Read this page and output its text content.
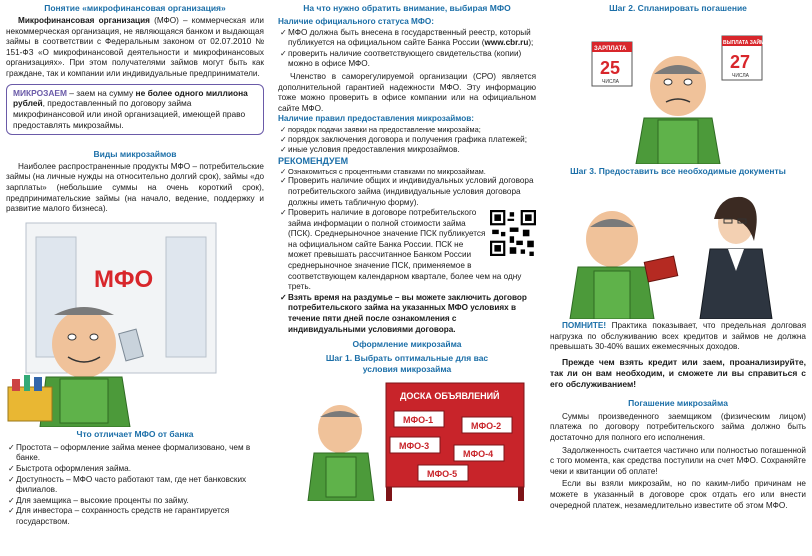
Понятие «микрофинансовая организация»
Микрофинансовая организация (МФО) – коммерческая или некоммерческая организация, не являющаяся банком и выдающая займы в соответствии с Федеральным законом от 02.07.2010 № 151-ФЗ «О микрофинансовой деятельности и микрофинансовых организациях». При этом получателями займов могут быть как граждане, так и компании или индивидуальные предприниматели.
МИКРОЗАЕМ – заем на сумму не более одного миллиона рублей, предоставленный по договору займа микрофинансовой или иной организацией, имеющей право предоставлять микрозаймы.
Виды микрозаймов
Наиболее распространенные продукты МФО – потребительские займы (на личные нужды на относительно долгий срок), займы «до зарплаты» (небольшие суммы на очень короткий срок), предпринимательские займы (на начало, ведение, поддержку и развитие малого бизнеса).
МФО
Что отличает МФО от банка
✓Простота – оформление займа менее формализовано, чем в банке.
✓Быстрота оформления займа.
✓Доступность – МФО часто работают там, где нет банковских филиалов.
✓Для заемщика – высокие проценты по займу.
✓Для инвестора – сохранность средств не гарантируется государством.
На что нужно обратить внимание, выбирая МФО
Наличие официального статуса МФО:
✓МФО должна быть внесена в государственный реестр, который публикуется на официальном сайте Банка России (www.cbr.ru);
✓проверить наличие соответствующего свидетельства (копии) можно в офисе МФО.
Членство в саморегулируемой организации (СРО) является дополнительной гарантией надежности МФО. Эту информацию тоже можно проверить в офисе компании или на официальном сайте МФО.
Наличие правил предоставления микрозаймов:
✓ порядок подачи заявки на предоставление микрозайма;
✓порядок заключения договора и получения графика платежей;
✓иные условия предоставления микрозаймов.
РЕКОМЕНДУЕМ
✓ Ознакомиться с процентными ставками по микрозаймам.
✓Проверить наличие общих и индивидуальных условий договора потребительского займа (индивидуальные условия договора должны иметь табличную форму).
✓Проверить наличие в договоре потребительского займа информации о полной стоимости займа (ПСК). Среднерыночное значение ПСК публикуется на официальном сайте Банка России. ПСК не может превышать рассчитанное Банком России среднерыночное значение ПСК, применяемое в соответствующем календарном квартале, более чем на одну треть.
✓Взять время на раздумье – вы можете заключить договор потребительского займа на указанных МФО условиях в течение пяти дней после ознакомления с индивидуальными условиями договора.
Оформление микрозайма
Шаг 1. Выбрать оптимальные для вас условия микрозайма
ДОСКА ОБЪЯВЛЕНИЙ
МФО-1
МФО-2
МФО-3
МФО-4
МФО-5
Шаг 2. Спланировать погашение
ЗАРПЛАТА
25
ЧИСЛА
ВЫПЛАТА ЗАЙМА
27
ЧИСЛА
Шаг 3. Предоставить все необходимые документы
ПОМНИТЕ! Практика показывает, что предельная долговая нагрузка по обслуживанию всех кредитов и займов не должна превышать 30-40% ваших ежемесячных доходов.
Прежде чем взять кредит или заем, проанализируйте, так ли он вам необходим, и сможете ли вы справиться с его обслуживанием!
Погашение микрозайма
Суммы произведенного заемщиком (физическим лицом) платежа по договору потребительского займа должно быть достаточно для полного его исполнения.
Задолженность считается частично или полностью погашенной с того момента, как средства поступили на счет МФО. Сохраняйте чеки и квитанции об оплате!
Если вы взяли микрозайм, но по каким-либо причинам не можете в указанный в договоре срок отдать его или внести очередной платеж, незамедлительно известите об этом МФО.
